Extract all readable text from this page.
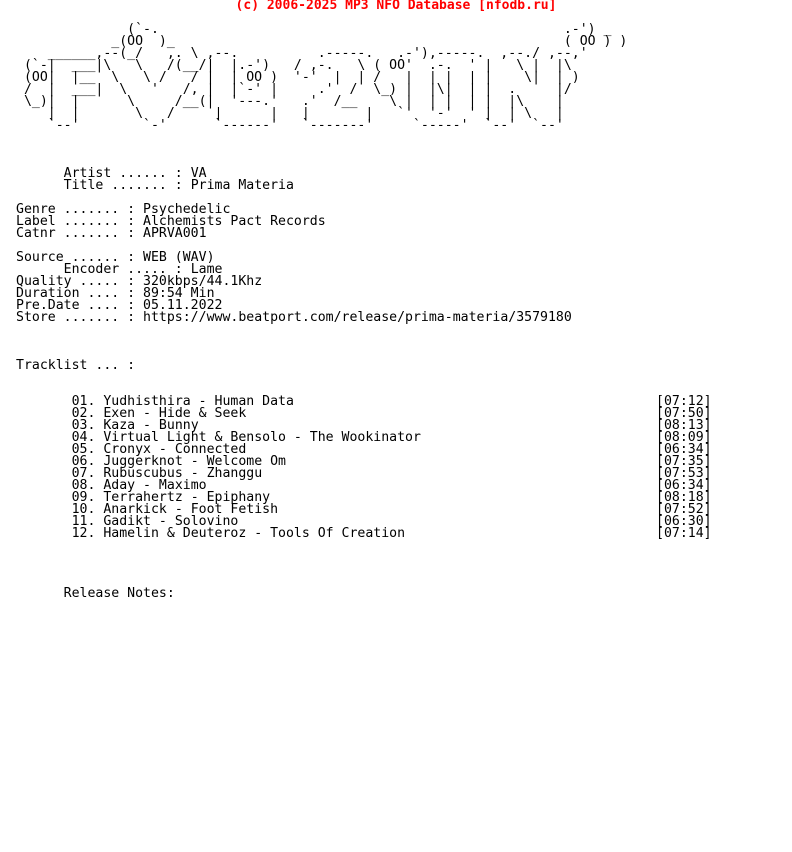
(c) 2006-2025 MP3 NFO Database [nfodb.ru]
(`-.                                                   .-') _
_(OO  )_                                                 ( OO ) )
______,--(_/   ,. \ ,--.          .-----.   .-'),-----.  ,--./ ,--,'
(`-|  ___|\   \   /(__/|  |.-')   / ,-.   \ ( OO'  .-.  ' |   \ |  |\
(OO|  |__  \   \ /   / |  | OO )  '-'  |  | /   |  | |  | |    \|  | )
/  |  ___|  \   '   /, |  |`-' |     .'  /  \_) |  |\|  | |  .     |/
\_)|  |      \     /__(|  '---.'   .'  /__    \ |  | |  | |  |\    |
|  |       \   /     |      |   |       |   `'  '-'  ' |  | \   |
`--'        `-'      `------'   `-------'     `-----'  `--'  `--'
Artist ...... : VA
Title ....... : Prima Materia
Genre ....... : Psychedelic
Label ....... : Alchemists Pact Records
Catnr ....... : APRVA001
Source ...... : WEB (WAV)
Encoder ..... : Lame
Quality ..... : 320kbps/44.1Khz
Duration .... : 89:54 Min
Pre.Date .... : 05.11.2022
Store ....... : https://www.beatport.com/release/prima-materia/3579180
Tracklist ... :
01. Yudhisthira - Human Data	[07:12]
02. Exen - Hide & Seek	[07:50]
03. Kaza - Bunny	[08:13]
04. Virtual Light & Bensolo - The Wookinator	[08:09]
05. Cronyx - Connected	[06:34]
06. Juggerknot - Welcome Om	[07:35]
07. Rubuscubus - Zhanggu	[07:53]
08. Aday - Maximo	[06:34]
09. Terrahertz - Epiphany	[08:18]
10. Anarkick - Foot Fetish	[07:52]
11. Gadikt - Solovino	[06:30]
12. Hamelin & Deuteroz - Tools Of Creation	[07:14]
Release Notes:
